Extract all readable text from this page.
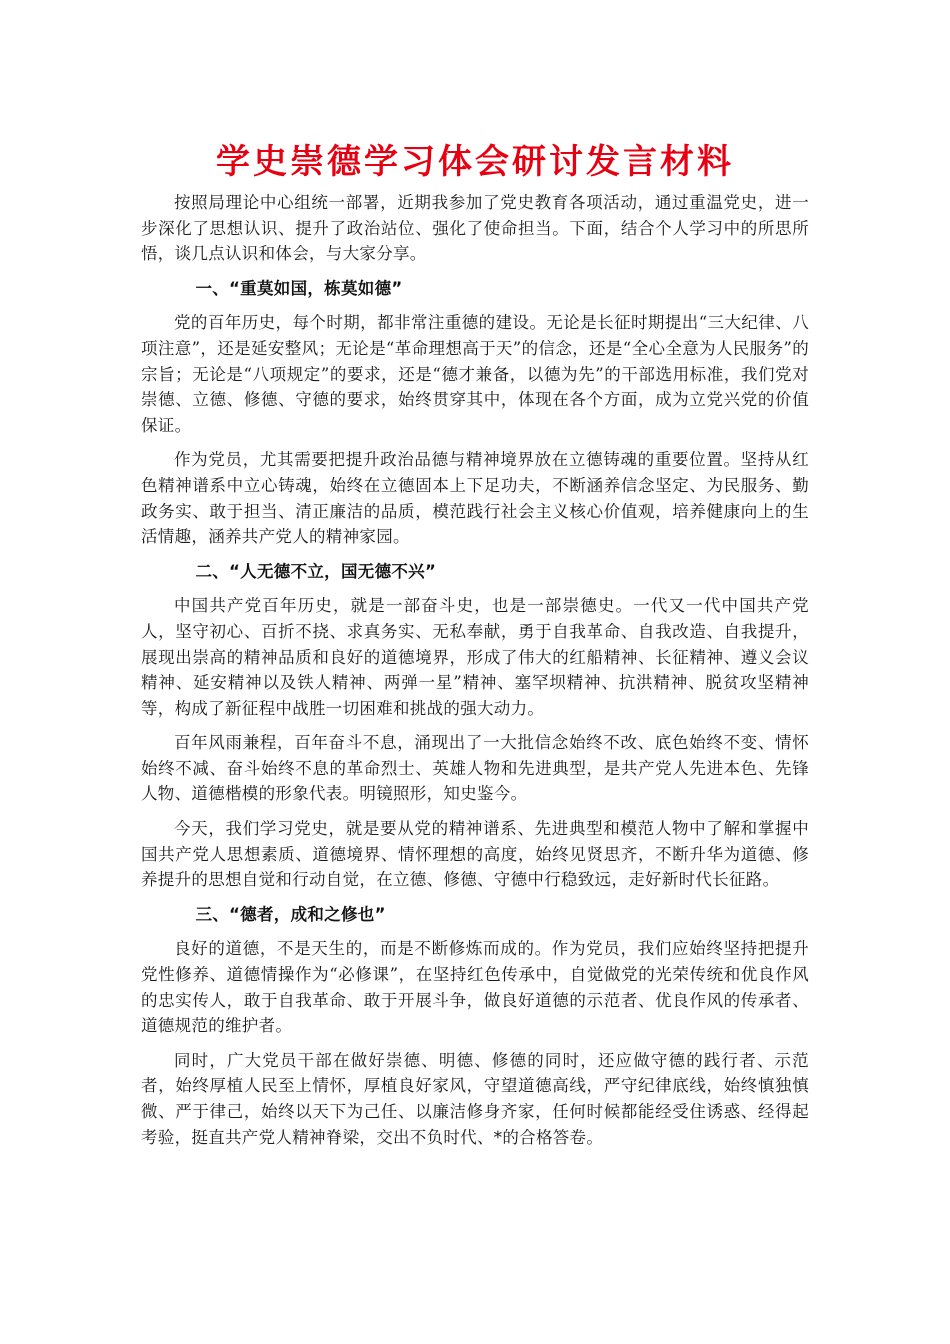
学史崇德学习体会研讨发言材料

按照局理论中心组统一部署，近期我参加了党史教育各项活动，通过重温党史，进一步深化了思想认识、提升了政治站位、强化了使命担当。下面，结合个人学习中的所思所悟，谈几点认识和体会，与大家分享。

一、“重莫如国，栋莫如德”

党的百年历史，每个时期，都非常注重德的建设。无论是长征时期提出“三大纪律、八项注意”，还是延安整风；无论是“革命理想高于天”的信念，还是“全心全意为人民服务”的宗旨；无论是“八项规定”的要求，还是“德才兼备，以德为先”的干部选用标准，我们党对崇德、立德、修德、守德的要求，始终贯穿其中，体现在各个方面，成为立党兴党的价值保证。

作为党员，尤其需要把提升政治品德与精神境界放在立德铸魂的重要位置。坚持从红色精神谱系中立心铸魂，始终在立德固本上下足功夫，不断涵养信念坚定、为民服务、勤政务实、敢于担当、清正廉洁的品质，模范践行社会主义核心价值观，培养健康向上的生活情趣，涵养共产党人的精神家园。

二、“人无德不立，国无德不兴”

中国共产党百年历史，就是一部奋斗史，也是一部崇德史。一代又一代中国共产党人，坚守初心、百折不挠、求真务实、无私奉献，勇于自我革命、自我改造、自我提升，展现出崇高的精神品质和良好的道德境界，形成了伟大的红船精神、长征精神、遵义会议精神、延安精神以及铁人精神、两弹一星”精神、塞罕坝精神、抗洪精神、脱贫攻坚精神等，构成了新征程中战胜一切困难和挑战的强大动力。

百年风雨兼程，百年奋斗不息，涌现出了一大批信念始终不改、底色始终不变、情怀始终不减、奋斗始终不息的革命烈士、英雄人物和先进典型，是共产党人先进本色、先锋人物、道德楷模的形象代表。明镜照形，知史鉴今。

今天，我们学习党史，就是要从党的精神谱系、先进典型和模范人物中了解和掌握中国共产党人思想素质、道德境界、情怀理想的高度，始终见贤思齐，不断升华为道德、修养提升的思想自觉和行动自觉，在立德、修德、守德中行稳致远，走好新时代长征路。

三、“德者，成和之修也”

良好的道德，不是天生的，而是不断修炼而成的。作为党员，我们应始终坚持把提升党性修养、道德情操作为“必修课”，在坚持红色传承中，自觉做党的光荣传统和优良作风的忠实传人，敢于自我革命、敢于开展斗争，做良好道德的示范者、优良作风的传承者、道德规范的维护者。

同时，广大党员干部在做好崇德、明德、修德的同时，还应做守德的践行者、示范者，始终厚植人民至上情怀，厚植良好家风，守望道德高线，严守纪律底线，始终慎独慎微、严于律己，始终以天下为己任、以廉洁修身齐家，任何时候都能经受住诱惑、经得起考验，挺直共产党人精神脊梁，交出不负时代、*的合格答卷。
